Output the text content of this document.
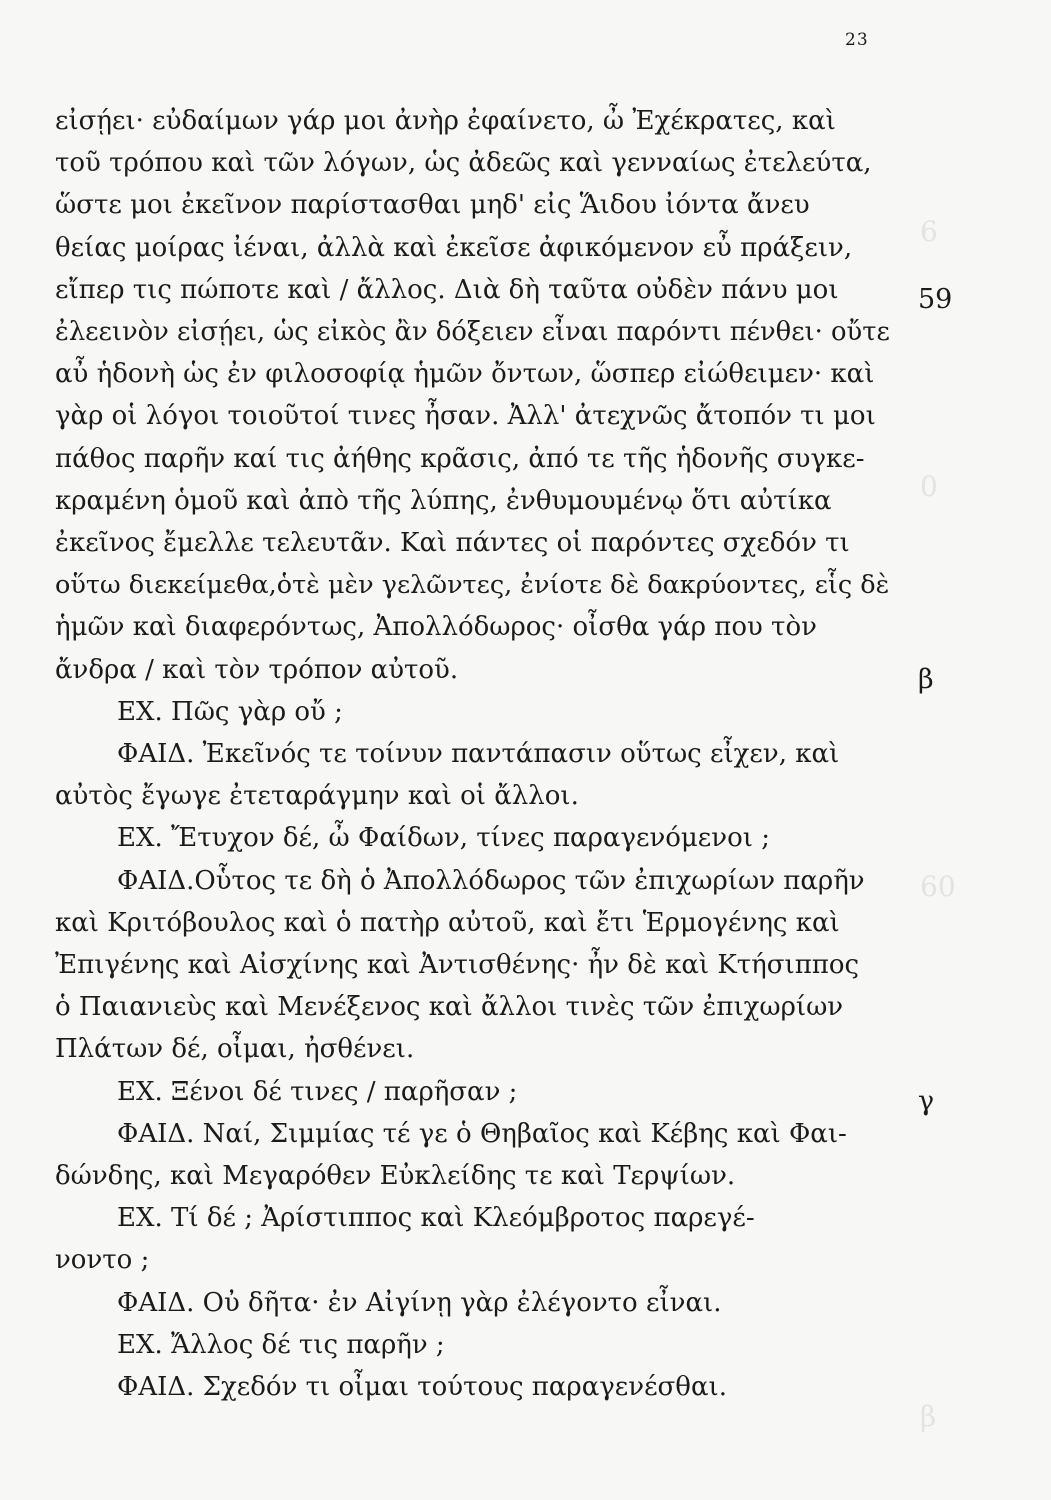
23
6
0
60
β
εἰσῄει· εὐδαίμων γάρ μοι ἀνὴρ ἐφαίνετο, ὦ Ἐχέκρατες, καὶ
τοῦ τρόπου καὶ τῶν λόγων, ὡς ἀδεῶς καὶ γενναίως ἐτελεύτα,
ὥστε μοι ἐκεῖνον παρίστασθαι μηδ' εἰς Ἅιδου ἰόντα ἄνευ
θείας μοίρας ἰέναι, ἀλλὰ καὶ ἐκεῖσε ἀφικόμενον εὖ πράξειν,
εἴπερ τις πώποτε καὶ / ἄλλος. Διὰ δὴ ταῦτα οὐδὲν πάνυ μοι
ἐλεεινὸν εἰσῄει, ὡς εἰκὸς ἂν δόξειεν εἶναι παρόντι πένθει· οὔτε
αὖ ἡδονὴ ὡς ἐν φιλοσοφίᾳ ἡμῶν ὄντων, ὥσπερ εἰώθειμεν· καὶ
γὰρ οἱ λόγοι τοιοῦτοί τινες ἦσαν. Ἀλλ' ἀτεχνῶς ἄτοπόν τι μοι
πάθος παρῆν καί τις ἀήθης κρᾶσις, ἀπό τε τῆς ἡδονῆς συγκε-
κραμένη ὁμοῦ καὶ ἀπὸ τῆς λύπης, ἐνθυμουμένῳ ὅτι αὐτίκα
ἐκεῖνος ἔμελλε τελευτᾶν. Καὶ πάντες οἱ παρόντες σχεδόν τι
οὕτω διεκείμεθα,ὁτὲ μὲν γελῶντες, ἐνίοτε δὲ δακρύοντες, εἷς δὲ
ἡμῶν καὶ διαφερόντως, Ἀπολλόδωρος· οἶσθα γάρ που τὸν
ἄνδρα / καὶ τὸν τρόπον αὐτοῦ.
ΕΧ. Πῶς γὰρ οὔ ;
ΦΑΙΔ. Ἐκεῖνός τε τοίνυν παντάπασιν οὕτως εἶχεν, καὶ
αὐτὸς ἔγωγε ἐτεταράγμην καὶ οἱ ἄλλοι.
ΕΧ. Ἔτυχον δέ, ὦ Φαίδων, τίνες παραγενόμενοι ;
ΦΑΙΔ.Οὗτος τε δὴ ὁ Ἀπολλόδωρος τῶν ἐπιχωρίων παρῆν
καὶ Κριτόβουλος καὶ ὁ πατὴρ αὐτοῦ, καὶ ἔτι Ἑρμογένης καὶ
Ἐπιγένης καὶ Αἰσχίνης καὶ Ἀντισθένης· ἦν δὲ καὶ Κτήσιππος
ὁ Παιανιεὺς καὶ Μενέξενος καὶ ἄλλοι τινὲς τῶν ἐπιχωρίων
Πλάτων δέ, οἶμαι, ἠσθένει.
ΕΧ. Ξένοι δέ τινες / παρῆσαν ;
ΦΑΙΔ. Ναί, Σιμμίας τέ γε ὁ Θηβαῖος καὶ Κέβης καὶ Φαι-
δώνδης, καὶ Μεγαρόθεν Εὐκλείδης τε καὶ Τερψίων.
ΕΧ. Τί δέ ; Ἀρίστιππος καὶ Κλεόμβροτος παρεγέ-
νοντο ;
ΦΑΙΔ. Οὐ δῆτα· ἐν Αἰγίνῃ γὰρ ἐλέγοντο εἶναι.
ΕΧ. Ἄλλος δέ τις παρῆν ;
ΦΑΙΔ. Σχεδόν τι οἶμαι τούτους παραγενέσθαι.
59
β
γ
